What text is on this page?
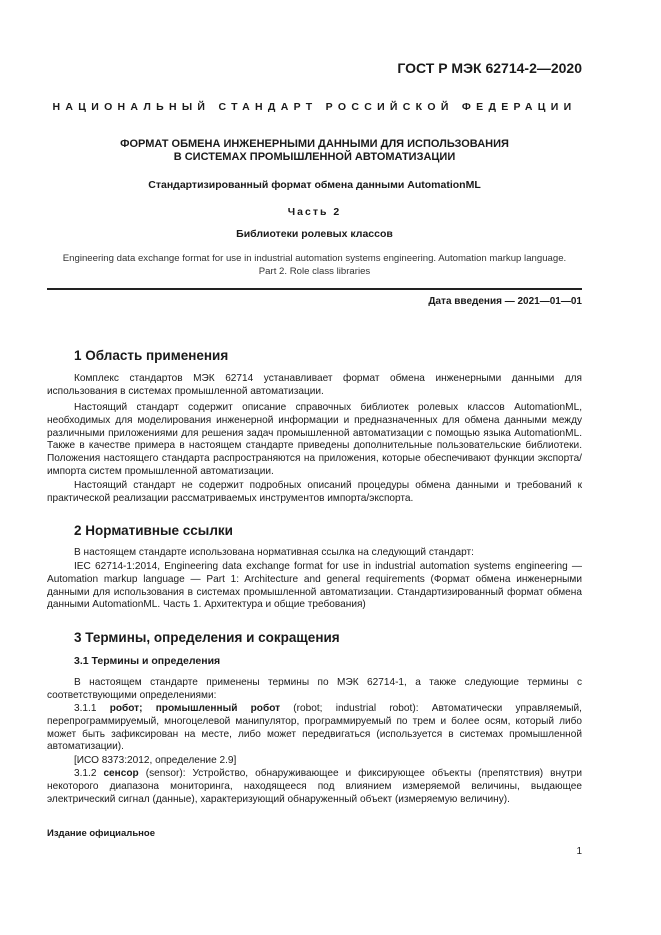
ГОСТ Р МЭК 62714-2—2020
НАЦИОНАЛЬНЫЙ СТАНДАРТ РОССИЙСКОЙ ФЕДЕРАЦИИ
ФОРМАТ ОБМЕНА ИНЖЕНЕРНЫМИ ДАННЫМИ ДЛЯ ИСПОЛЬЗОВАНИЯ
В СИСТЕМАХ ПРОМЫШЛЕННОЙ АВТОМАТИЗАЦИИ
Стандартизированный формат обмена данными AutomationML
Часть 2
Библиотеки ролевых классов
Engineering data exchange format for use in industrial automation systems engineering. Automation markup language.
Part 2. Role class libraries
Дата введения — 2021—01—01
1 Область применения

Комплекс стандартов МЭК 62714 устанавливает формат обмена инженерными данными для использования в системах промышленной автоматизации.

Настоящий стандарт содержит описание справочных библиотек ролевых классов AutomationML, необходимых для моделирования инженерной информации и предназначенных для обмена данными между различными приложениями для решения задач промышленной автоматизации с помощью языка AutomationML. Также в качестве примера в настоящем стандарте приведены дополнительные пользовательские библиотеки. Положения настоящего стандарта распространяются на приложения, которые обеспечивают функции экспорта/импорта систем промышленной автоматизации.

Настоящий стандарт не содержит подробных описаний процедуры обмена данными и требований к практической реализации рассматриваемых инструментов импорта/экспорта.

2 Нормативные ссылки

В настоящем стандарте использована нормативная ссылка на следующий стандарт:

IEC 62714-1:2014, Engineering data exchange format for use in industrial automation systems engineering — Automation markup language — Part 1: Architecture and general requirements (Формат обмена инженерными данными для использования в системах промышленной автоматизации. Стандартизированный формат обмена данными AutomationML. Часть 1. Архитектура и общие требования)

3 Термины, определения и сокращения
3.1 Термины и определения

В настоящем стандарте применены термины по МЭК 62714-1, а также следующие термины с соответствующими определениями:

3.1.1 робот; промышленный робот (robot; industrial robot): Автоматически управляемый, перепрограммируемый, многоцелевой манипулятор, программируемый по трем и более осям, который либо может быть зафиксирован на месте, либо может передвигаться (используется в системах промышленной автоматизации).

[ИСО 8373:2012, определение 2.9]

3.1.2 сенсор (sensor): Устройство, обнаруживающее и фиксирующее объекты (препятствия) внутри некоторого диапазона мониторинга, находящееся под влиянием измеряемой величины, выдающее электрический сигнал (данные), характеризующий обнаруженный объект (измеряемую величину).

Издание официальное
1
